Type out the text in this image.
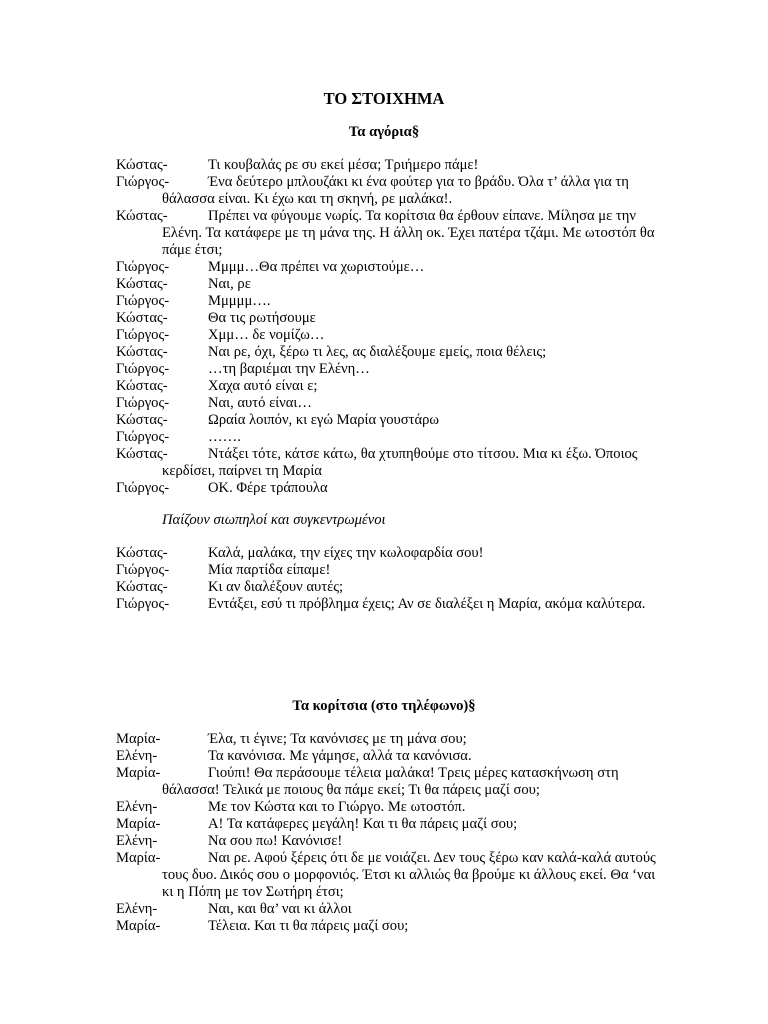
ΤΟ ΣΤΟΙΧΗΜΑ
Τα αγόρια§

Κώστας-	Τι κουβαλάς ρε συ εκεί μέσα; Τριήμερο πάμε!

Γιώργος-	Ένα δεύτερο μπλουζάκι κι ένα φούτερ για το βράδυ. Όλα τ’ άλλα για τη θάλασσα είναι. Κι έχω και τη σκηνή, ρε μαλάκα!.

Κώστας-	Πρέπει να φύγουμε νωρίς. Τα κορίτσια θα έρθουν είπανε. Μίλησα με την Ελένη. Τα κατάφερε με τη μάνα της. Η άλλη οκ. Έχει πατέρα τζάμι. Με ωτοστόπ θα πάμε έτσι;

Γιώργος-	Μμμμ…Θα πρέπει να χωριστούμε…

Κώστας-	Ναι, ρε

Γιώργος-	Μμμμμ….

Κώστας-	Θα τις ρωτήσουμε

Γιώργος-	Χμμ… δε νομίζω…

Κώστας-	Ναι ρε, όχι, ξέρω τι λες, ας διαλέξουμε εμείς, ποια θέλεις;

Γιώργος-	…τη βαριέμαι την Ελένη…

Κώστας-	Χαχα αυτό είναι ε;

Γιώργος-	Ναι, αυτό είναι…

Κώστας-	Ωραία λοιπόν, κι εγώ Μαρία γουστάρω

Γιώργος-	…….

Κώστας-	Ντάξει τότε, κάτσε κάτω, θα χτυπηθούμε στο τίτσου. Μια κι έξω. Όποιος κερδίσει, παίρνει τη Μαρία

Γιώργος-	ΟΚ. Φέρε τράπουλα

Παίζουν σιωπηλοί και συγκεντρωμένοι

Κώστας-	Καλά, μαλάκα, την είχες την κωλοφαρδία σου!

Γιώργος-	Μία παρτίδα είπαμε!

Κώστας-	Κι αν διαλέξουν αυτές;

Γιώργος-	Εντάξει, εσύ τι πρόβλημα έχεις; Αν σε διαλέξει η Μαρία, ακόμα καλύτερα.

Τα κορίτσια (στο τηλέφωνο)§

Μαρία-	Έλα, τι έγινε; Τα κανόνισες με τη μάνα σου;

Ελένη-	Τα κανόνισα. Με γάμησε, αλλά τα κανόνισα.

Μαρία-	Γιούπι! Θα περάσουμε τέλεια μαλάκα! Τρεις μέρες κατασκήνωση στη θάλασσα! Τελικά με ποιους θα πάμε εκεί; Τι θα πάρεις μαζί σου;

Ελένη-	Με τον Κώστα και το Γιώργο. Με ωτοστόπ.

Μαρία-	Α! Τα κατάφερες μεγάλη! Και τι θα πάρεις μαζί σου;

Ελένη-	Να σου πω! Κανόνισε!

Μαρία-	Ναι ρε. Αφού ξέρεις ότι δε με νοιάζει. Δεν τους ξέρω καν καλά-καλά αυτούς τους δυο. Δικός σου ο μορφονιός. Έτσι κι αλλιώς θα βρούμε κι άλλους εκεί. Θα ‘ναι κι η Πόπη με τον Σωτήρη έτσι;

Ελένη-	Ναι, και θα’ ναι κι άλλοι

Μαρία-	Τέλεια. Και τι θα πάρεις μαζί σου;
